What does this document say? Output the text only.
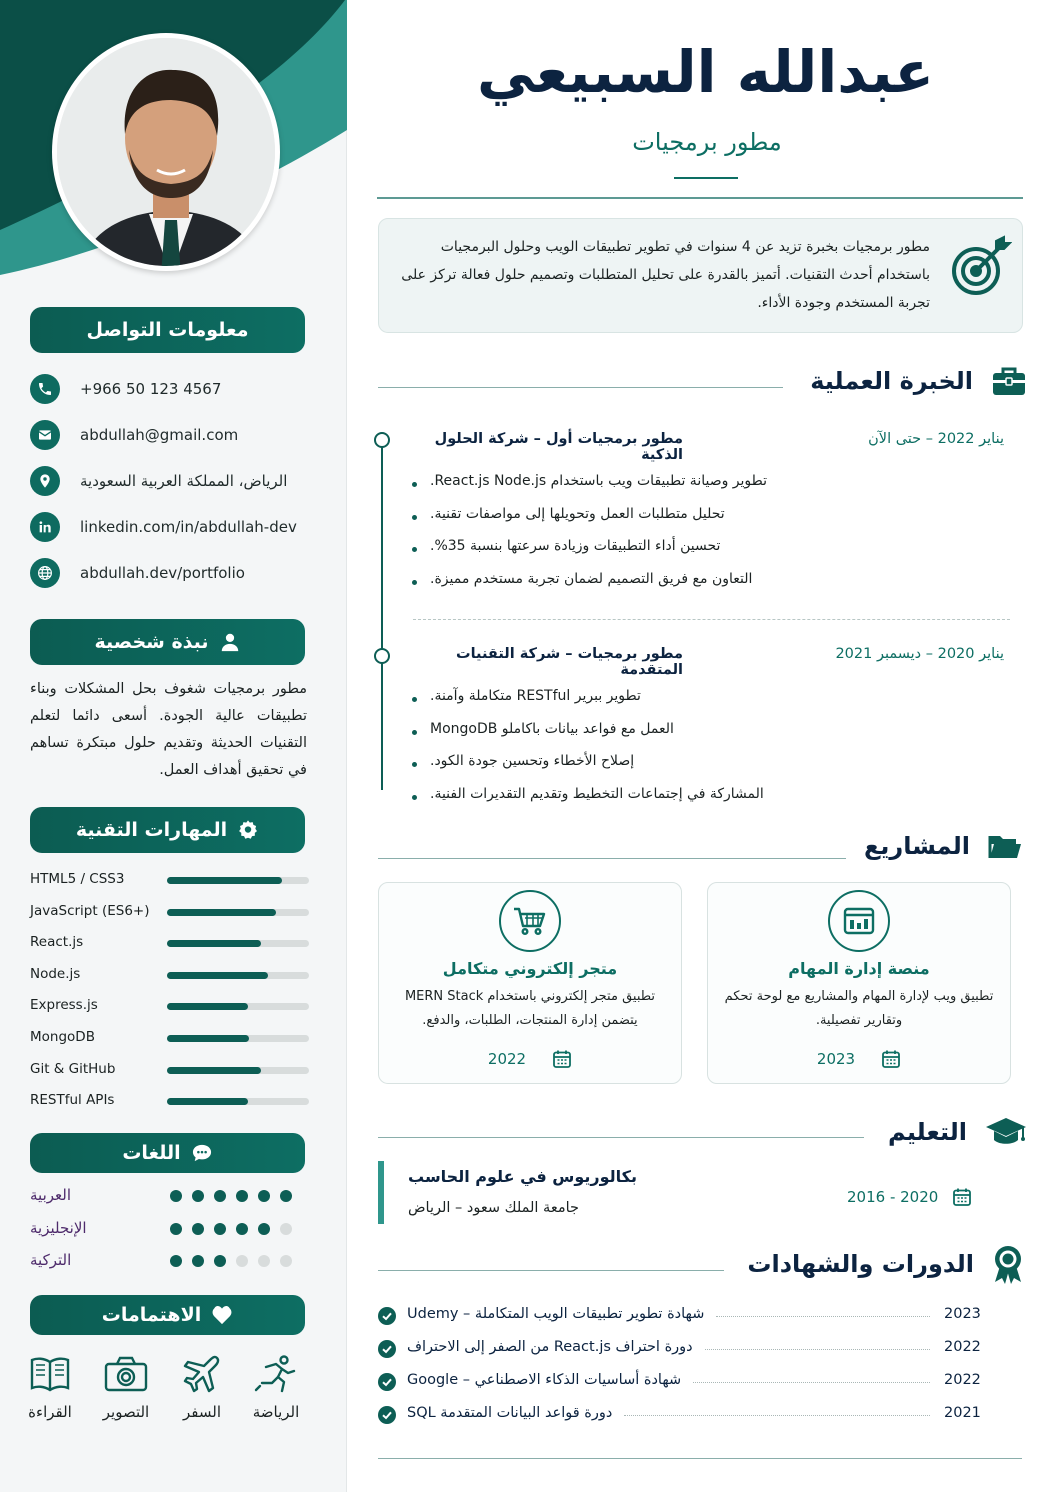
معلومات التواصل
+966 50 123 4567
abdullah@gmail.com
الرياض، المملكة العربية السعودية
linkedin.com/in/abdullah-dev
abdullah.dev/portfolio
نبذة شخصية

مطور برمجيات شغوف بحل المشكلات وبناء تطبيقات عالية الجودة. أسعى دائما لتعلم التقنيات الحديثة وتقديم حلول مبتكرة تساهم في تحقيق أهداف العمل.

المهارات التقنية
HTML5 / CSS3
JavaScript (ES6+)
React.js
Node.js
Express.js
MongoDB
Git & GitHub
RESTful APIs
اللغات
العربية
الإنجليزية
التركية
الاهتمامات
القراءة	التصوير	السفر	الرياضة
عبدالله السبيعي
مطور برمجيات

مطور برمجيات بخبرة تزيد عن 4 سنوات في تطوير تطبيقات الويب وحلول البرمجيات باستخدام أحدث التقنيات. أتميز بالقدرة على تحليل المتطلبات وتصميم حلول فعالة تركز على تجربة المستخدم وجودة الأداء.

الخبرة العملية
مطور برمجيات أول – شركة الحلول الذكية
يناير 2022 – حتى الآن
تطوير وصيانة تطبيقات ويب باستخدام React.js Node.js.
تحليل متطلبات العمل وتحويلها إلى مواصفات تقنية.
تحسين أداء التطبيقات وزيادة سرعتها بنسبة 35%.
التعاون مع فريق التصميم لضمان تجربة مستخدم مميزة.
مطور برمجيات – شركة التقنيات المتقدمة
يناير 2020 – ديسمبر 2021
تطوير ببرير RESTful متكاملة وآمنة.
العمل مع فواعد بيانات باكاملو MongoDB
إصلاح الأخطاء وتحسين جودة الكود.
المشاركة في إجتماعات التخطيط وتقديم التقديرات الفنية.
المشاريع
منصة إدارة المهام
تطبيق ويب لإدارة المهام والمشاريع مع لوحة تحكم وتقارير تفصيلية.
2023
متجر إلكتروني متكامل
تطبيق متجر إلكتروني باستخدام MERN Stack يتضمن إدارة المنتجات، الطلبات، والدفع.
2022
التعليم
بكالوريوس في علوم الحاسب
جامعة الملك سعود – الرياض
2016 - 2020
الدورات والشهادات
شهادة تطوير تطبيقات الويب المتكاملة – Udemy	2023
دورة احتراف React.js من الصفر إلى الاحتراف	2022
شهادة أساسيات الذكاء الاصطناعي – Google	2022
دورة قواعد البيانات المتقدمة SQL	2021
